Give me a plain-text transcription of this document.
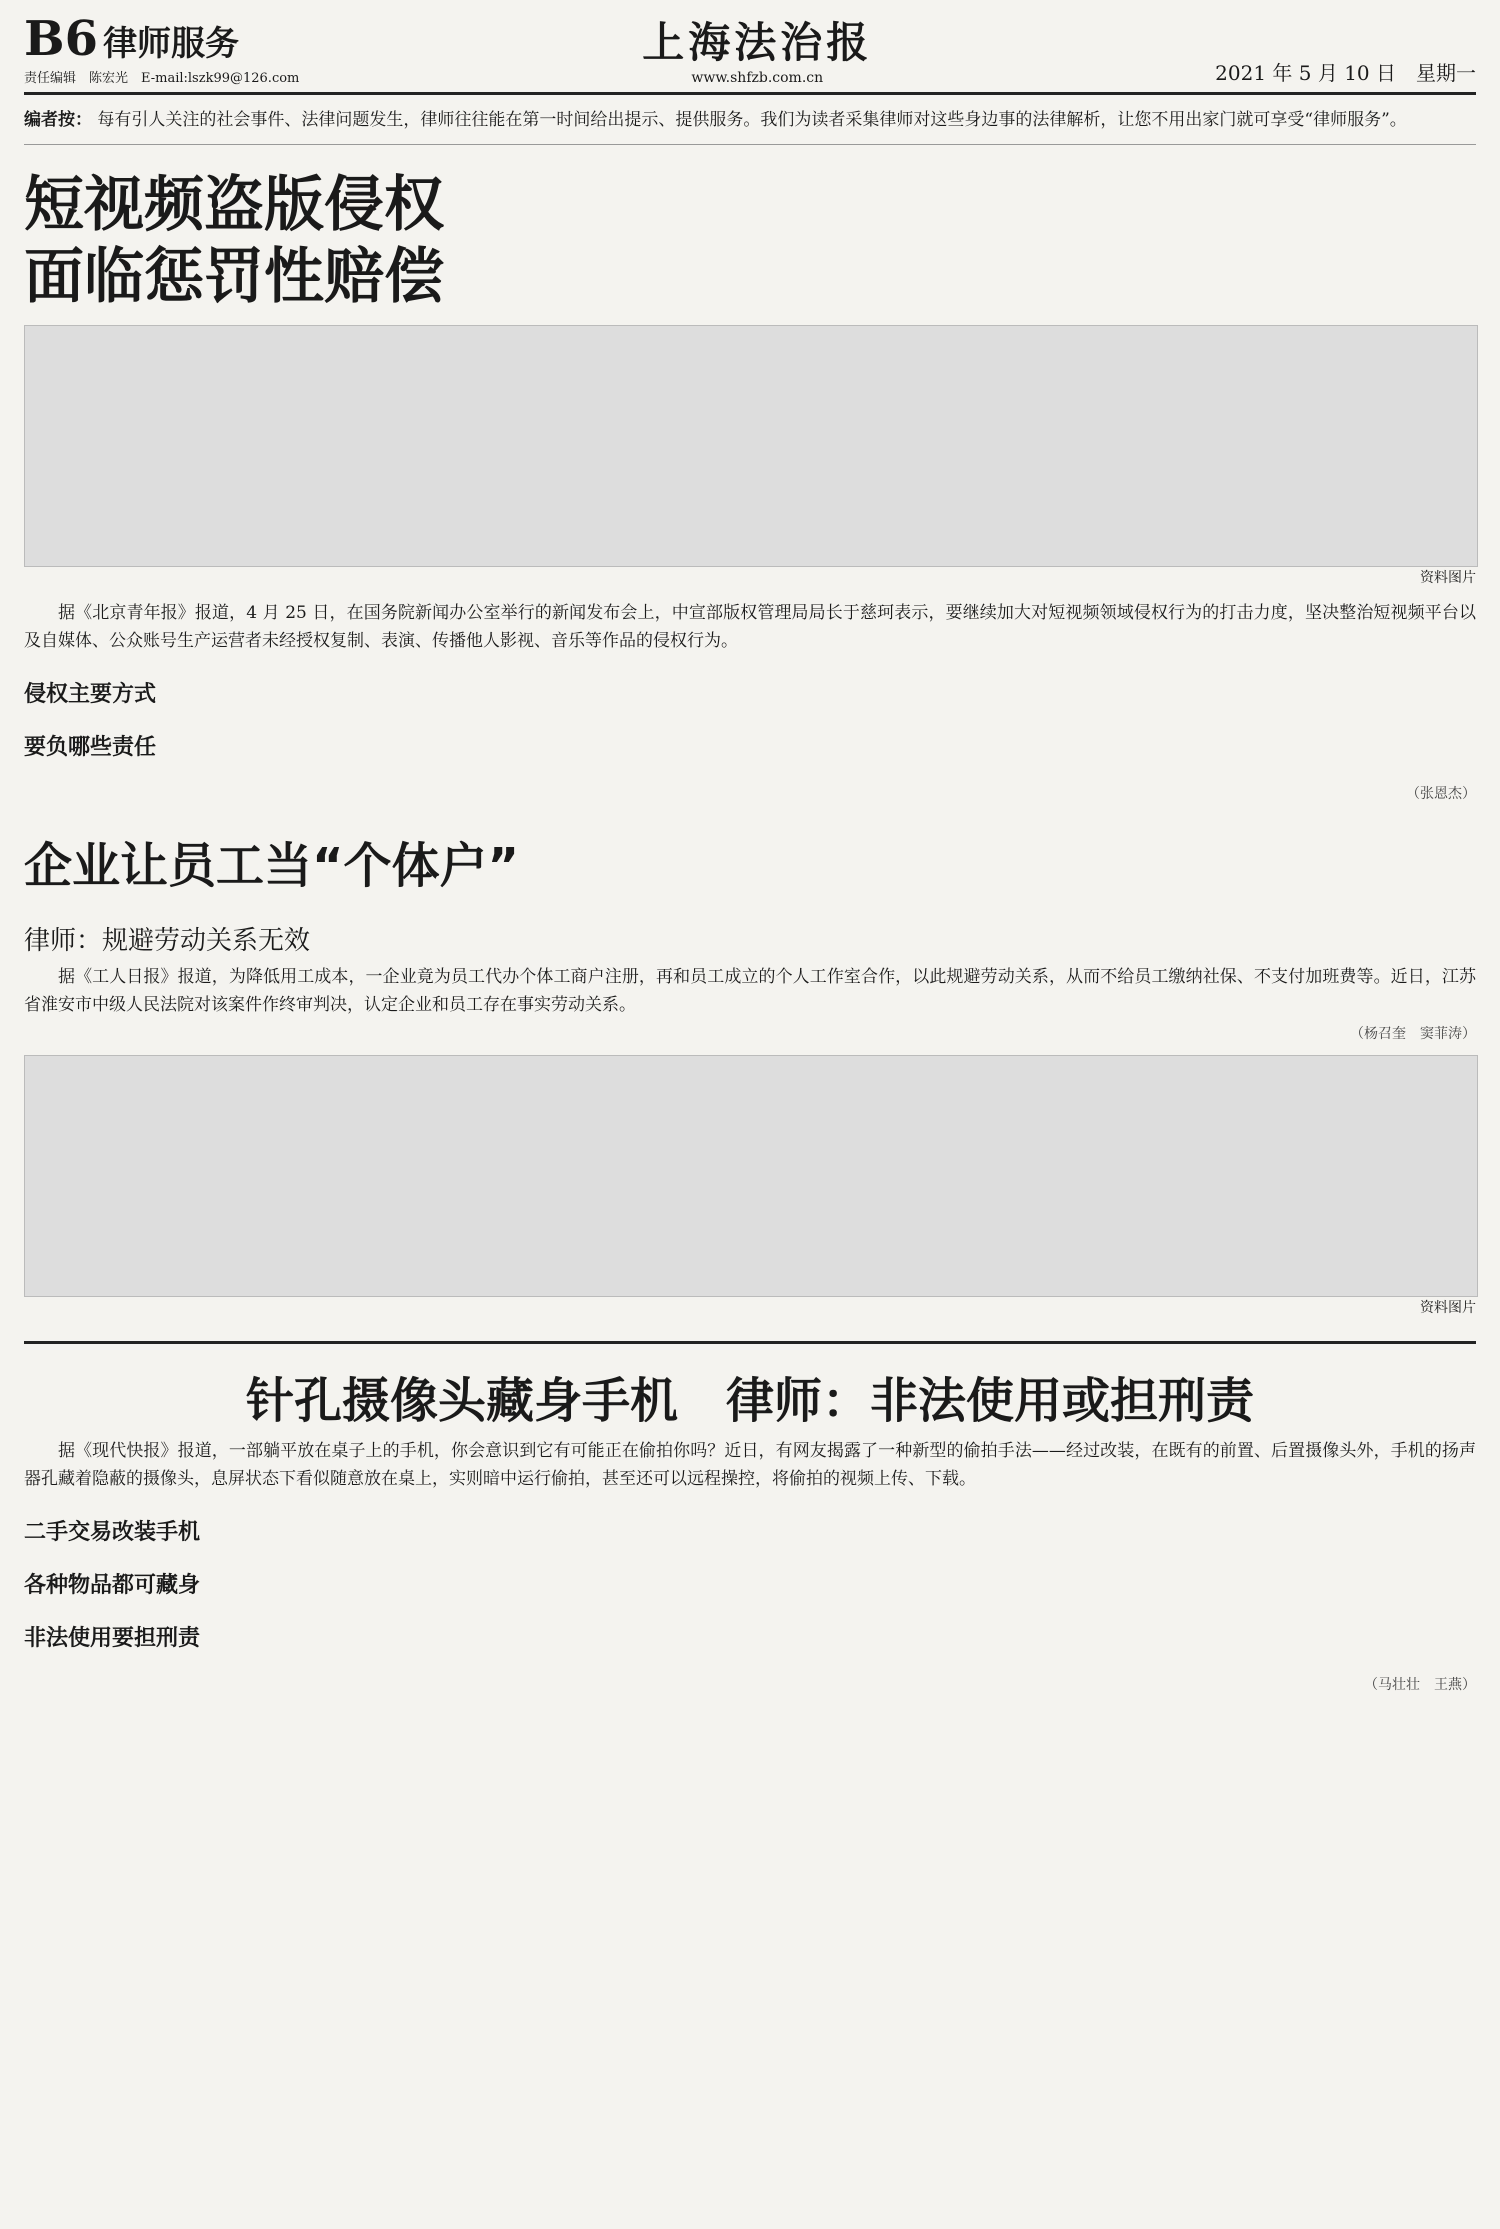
B6 律师服务
责任编辑　陈宏光　E-mail:lszk99@126.com
上海法治报
www.shfzb.com.cn	2021 年 5 月 10 日　星期一
编者按： 每有引人关注的社会事件、法律问题发生，律师往往能在第一时间给出提示、提供服务。我们为读者采集律师对这些身边事的法律解析，让您不用出家门就可享受“律师服务”。
短视频盗版侵权
面临惩罚性赔偿
资料图片

据《北京青年报》报道，4 月 25 日，在国务院新闻办公室举行的新闻发布会上，中宣部版权管理局局长于慈珂表示，要继续加大对短视频领域侵权行为的打击力度，坚决整治短视频平台以及自媒体、公众账号生产运营者未经授权复制、表演、传播他人影视、音乐等作品的侵权行为。

侵权主要方式
要负哪些责任
（张恩杰）
企业让员工当“个体户”
律师：规避劳动关系无效

据《工人日报》报道，为降低用工成本，一企业竟为员工代办个体工商户注册，再和员工成立的个人工作室合作，以此规避劳动关系，从而不给员工缴纳社保、不支付加班费等。近日，江苏省淮安市中级人民法院对该案件作终审判决，认定企业和员工存在事实劳动关系。

（杨召奎　窦菲涛）
资料图片
针孔摄像头藏身手机　律师：非法使用或担刑责

据《现代快报》报道，一部躺平放在桌子上的手机，你会意识到它有可能正在偷拍你吗？近日，有网友揭露了一种新型的偷拍手法——经过改装，在既有的前置、后置摄像头外，手机的扬声器孔藏着隐蔽的摄像头，息屏状态下看似随意放在桌上，实则暗中运行偷拍，甚至还可以远程操控，将偷拍的视频上传、下载。

二手交易改装手机
各种物品都可藏身
非法使用要担刑责
（马壮壮　王燕）
